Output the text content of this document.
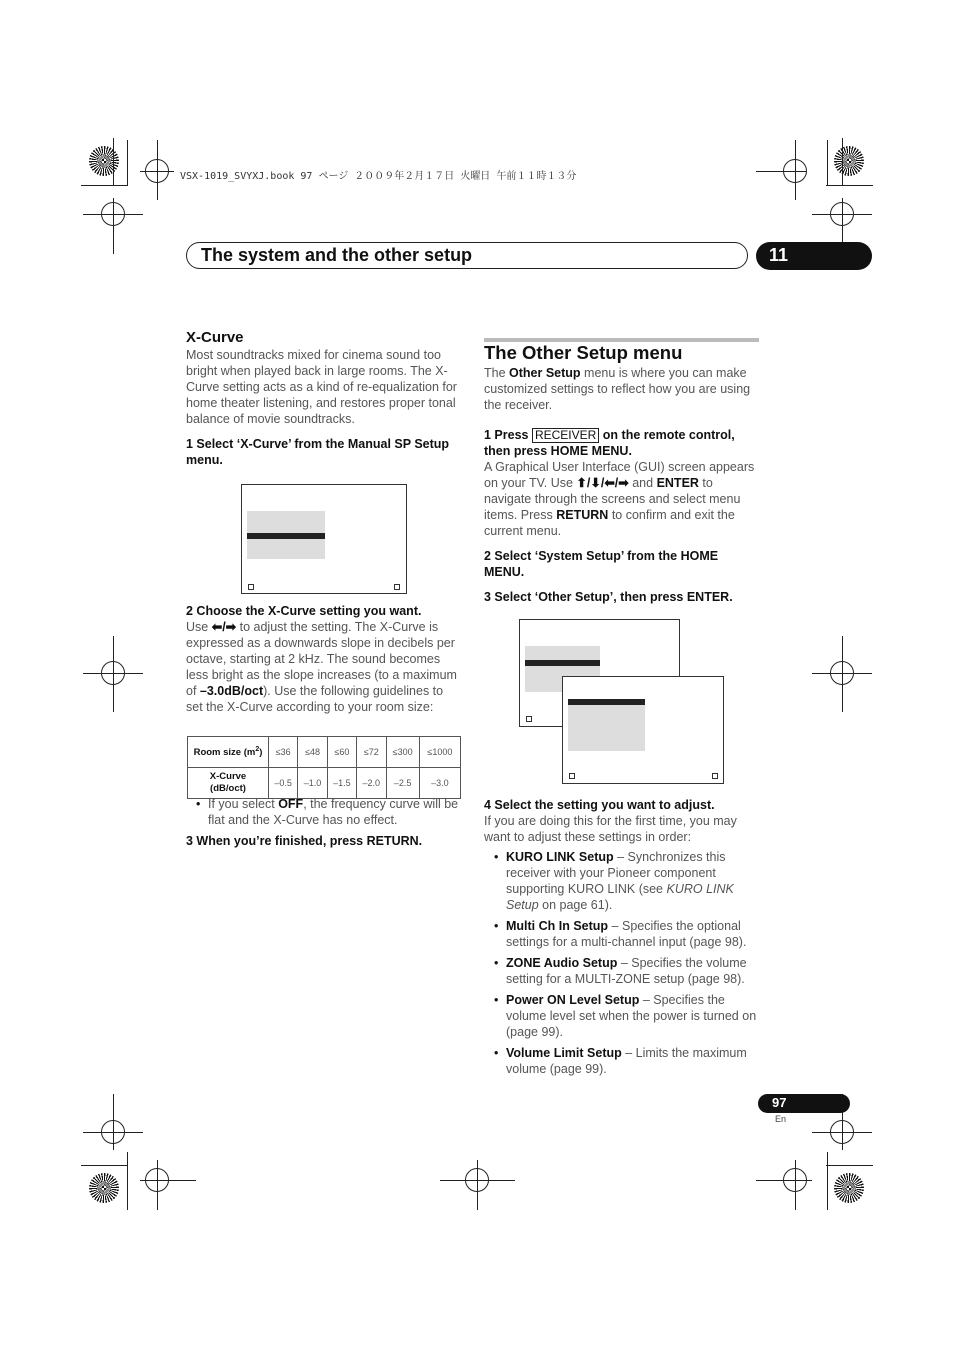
VSX-1019_SVYXJ.book 97 ページ ２００９年２月１７日 火曜日 午前１１時１３分
The system and the other setup	11
X-Curve

Most soundtracks mixed for cinema sound too bright when played back in large rooms. The X-Curve setting acts as a kind of re-equalization for home theater listening, and restores proper tonal balance of movie soundtracks.

1 Select ‘X-Curve’ from the Manual SP Setup menu.

2 Choose the X-Curve setting you want.

Use ⬅/➡ to adjust the setting. The X-Curve is expressed as a downwards slope in decibels per octave, starting at 2 kHz. The sound becomes less bright as the slope increases (to a maximum of –3.0dB/oct). Use the following guidelines to set the X-Curve according to your room size:

Room size $(m^2)$	≤36	≤48	≤60	≤72	≤300	≤1000
X-Curve
(dB/oct)	–0.5	–1.0	–1.5	–2.0	–2.5	–3.0
• If you select OFF, the frequency curve will be flat and the X-Curve has no effect.

3 When you’re finished, press RETURN.

The Other Setup menu

The Other Setup menu is where you can make customized settings to reflect how you are using the receiver.

1 Press RECEIVER on the remote control, then press HOME MENU.

A Graphical User Interface (GUI) screen appears on your TV. Use ⬆/⬇/⬅/➡ and ENTER to navigate through the screens and select menu items. Press RETURN to confirm and exit the current menu.

2 Select ‘System Setup’ from the HOME MENU.

3 Select ‘Other Setup’, then press ENTER.

4 Select the setting you want to adjust.

If you are doing this for the first time, you may want to adjust these settings in order:

• KURO LINK Setup – Synchronizes this receiver with your Pioneer component supporting KURO LINK (see KURO LINK Setup on page 61).
• Multi Ch In Setup – Specifies the optional settings for a multi-channel input (page 98).
• ZONE Audio Setup – Specifies the volume setting for a MULTI-ZONE setup (page 98).
• Power ON Level Setup – Specifies the volume level set when the power is turned on (page 99).
• Volume Limit Setup – Limits the maximum volume (page 99).
97
En
